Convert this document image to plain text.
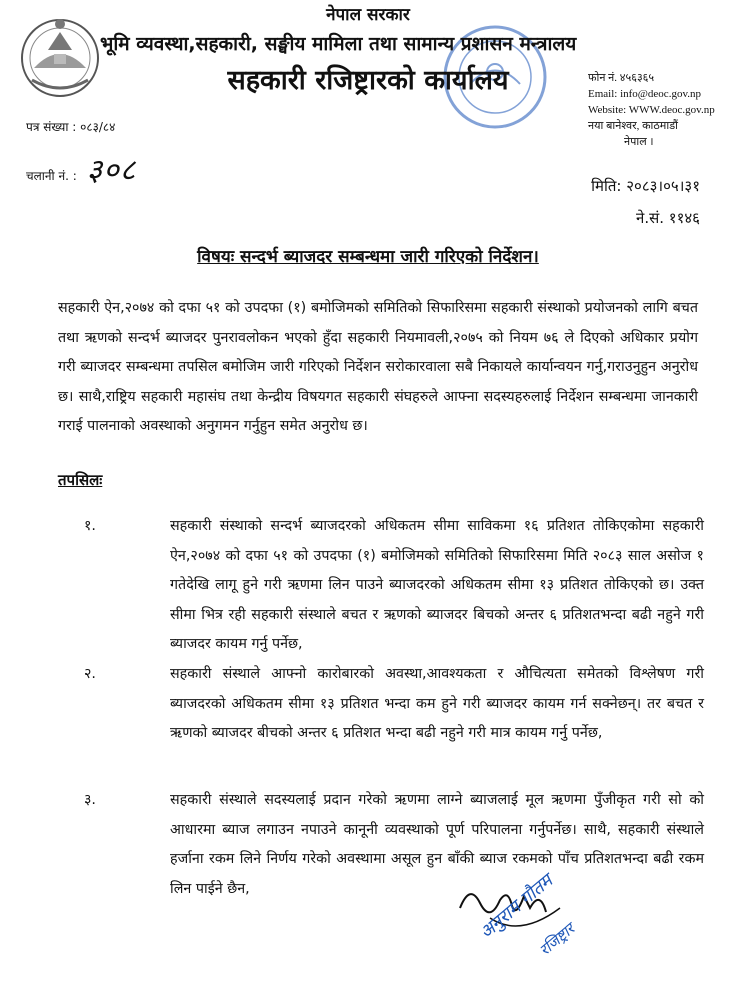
नेपाल सरकार
भूमि व्यवस्था,सहकारी, सङ्घीय मामिला तथा सामान्य प्रशासन मन्त्रालय
सहकारी रजिष्ट्रारको कार्यालय	फोन नं. ४५६३६५
Email: info@deoc.gov.np
Website: WWW.deoc.gov.np
नया बानेश्वर, काठमाडौं
नेपाल ।
पत्र संख्या : ०८३/८४
चलानी नं. : ३०८	मिति: २०८३।०५।३१
ने.सं. ११४६
विषयः सन्दर्भ ब्याजदर सम्बन्धमा जारी गरिएको निर्देशन।
सहकारी ऐन,२०७४ को दफा ५१ को उपदफा (१) बमोजिमको समितिको सिफारिसमा सहकारी संस्थाको प्रयोजनको लागि बचत तथा ऋणको सन्दर्भ ब्याजदर पुनरावलोकन भएको हुँदा सहकारी नियमावली,२०७५ को नियम ७६ ले दिएको अधिकार प्रयोग गरी ब्याजदर सम्बन्धमा तपसिल बमोजिम जारी गरिएको निर्देशन सरोकारवाला सबै निकायले कार्यान्वयन गर्नु,गराउनुहुन अनुरोध छ। साथै,राष्ट्रिय सहकारी महासंघ तथा केन्द्रीय विषयगत सहकारी संघहरुले आफ्ना सदस्यहरुलाई निर्देशन सम्बन्धमा जानकारी गराई पालनाको अवस्थाको अनुगमन गर्नुहुन समेत अनुरोध छ।
तपसिलः
१.	सहकारी संस्थाको सन्दर्भ ब्याजदरको अधिकतम सीमा साविकमा १६ प्रतिशत तोकिएकोमा सहकारी ऐन,२०७४ को दफा ५१ को उपदफा (१) बमोजिमको समितिको सिफारिसमा मिति २०८३ साल असोज १ गतेदेखि लागू हुने गरी ऋणमा लिन पाउने ब्याजदरको अधिकतम सीमा १३ प्रतिशत तोकिएको छ। उक्त सीमा भित्र रही सहकारी संस्थाले बचत र ऋणको ब्याजदर बिचको अन्तर ६ प्रतिशतभन्दा बढी नहुने गरी ब्याजदर कायम गर्नु पर्नेछ,
२.	सहकारी संस्थाले आफ्नो कारोबारको अवस्था,आवश्यकता र औचित्यता समेतको विश्लेषण गरी ब्याजदरको अधिकतम सीमा १३ प्रतिशत भन्दा कम हुने गरी ब्याजदर कायम गर्न सक्नेछन्। तर बचत र ऋणको ब्याजदर बीचको अन्तर ६ प्रतिशत भन्दा बढी नहुने गरी मात्र कायम गर्नु पर्नेछ,
३.	सहकारी संस्थाले सदस्यलाई प्रदान गरेको ऋणमा लाग्ने ब्याजलाई मूल ऋणमा पुँजीकृत गरी सो को आधारमा ब्याज लगाउन नपाउने कानूनी व्यवस्थाको पूर्ण परिपालना गर्नुपर्नेछ। साथै, सहकारी संस्थाले हर्जाना रकम लिने निर्णय गरेको अवस्थामा असूल हुन बाँकी ब्याज रकमको पाँच प्रतिशतभन्दा बढी रकम लिन पाईने छैन,	अनुराम गौतम
रजिष्ट्रार
